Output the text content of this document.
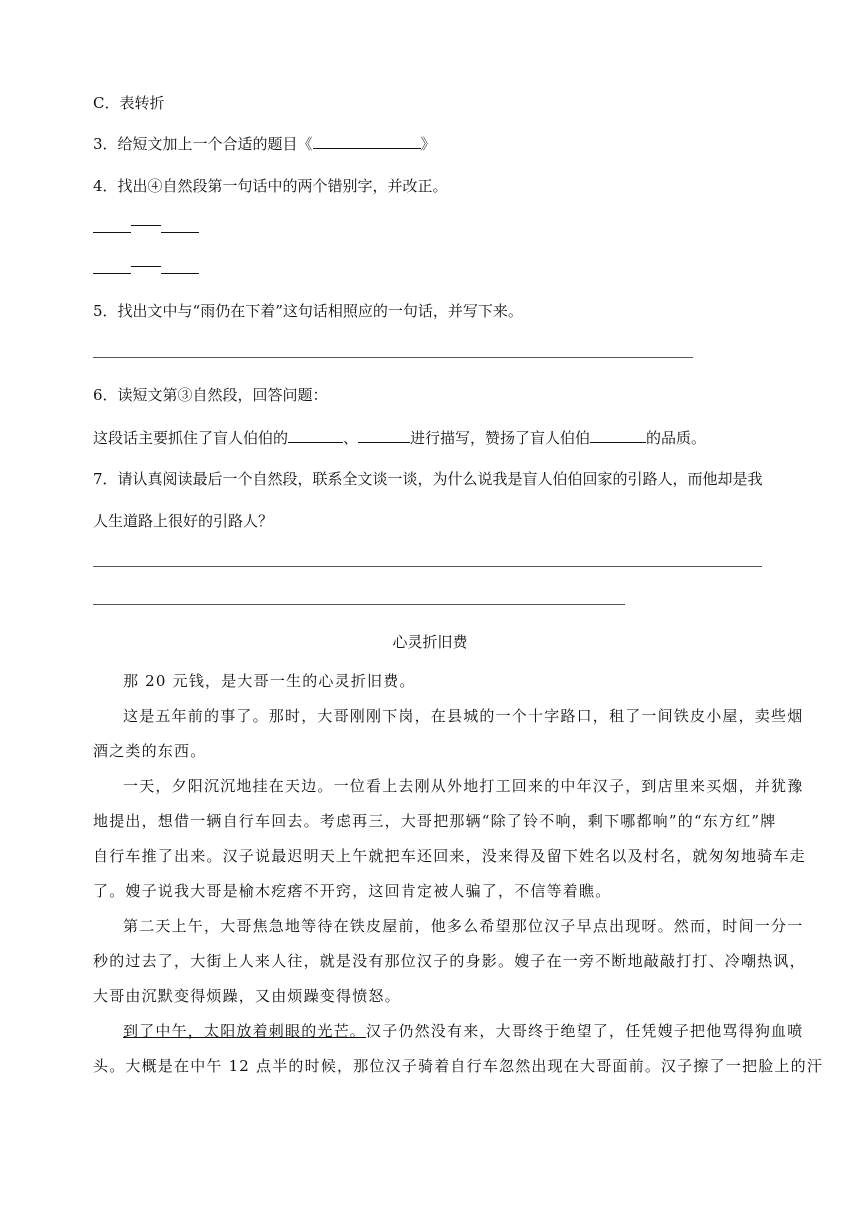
C．表转折
3．给短文加上一个合适的题目《	》
4．找出④自然段第一句话中的两个错别字，并改正。
5．找出文中与“雨仍在下着”这句话相照应的一句话，并写下来。
6．读短文第③自然段，回答问题：
这段话主要抓住了盲人伯伯的	、	进行描写，赞扬了盲人伯伯	的品质。
7．请认真阅读最后一个自然段，联系全文谈一谈，为什么说我是盲人伯伯回家的引路人，而他却是我
人生道路上很好的引路人？
心灵折旧费
那 20 元钱，是大哥一生的心灵折旧费。
这是五年前的事了。那时，大哥刚刚下岗，在县城的一个十字路口，租了一间铁皮小屋，卖些烟
酒之类的东西。
一天，夕阳沉沉地挂在天边。一位看上去刚从外地打工回来的中年汉子，到店里来买烟，并犹豫
地提出，想借一辆自行车回去。考虑再三，大哥把那辆“除了铃不响，剩下哪都响”的“东方红”牌
自行车推了出来。汉子说最迟明天上午就把车还回来，没来得及留下姓名以及村名，就匆匆地骑车走
了。嫂子说我大哥是榆木疙瘩不开窍，这回肯定被人骗了，不信等着瞧。
第二天上午，大哥焦急地等待在铁皮屋前，他多么希望那位汉子早点出现呀。然而，时间一分一
秒的过去了，大街上人来人往，就是没有那位汉子的身影。嫂子在一旁不断地敲敲打打、冷嘲热讽，
大哥由沉默变得烦躁，又由烦躁变得愤怒。
到了中午，太阳放着刺眼的光芒。汉子仍然没有来，大哥终于绝望了，任凭嫂子把他骂得狗血喷
头。大概是在中午 12 点半的时候，那位汉子骑着自行车忽然出现在大哥面前。汉子擦了一把脸上的汗
